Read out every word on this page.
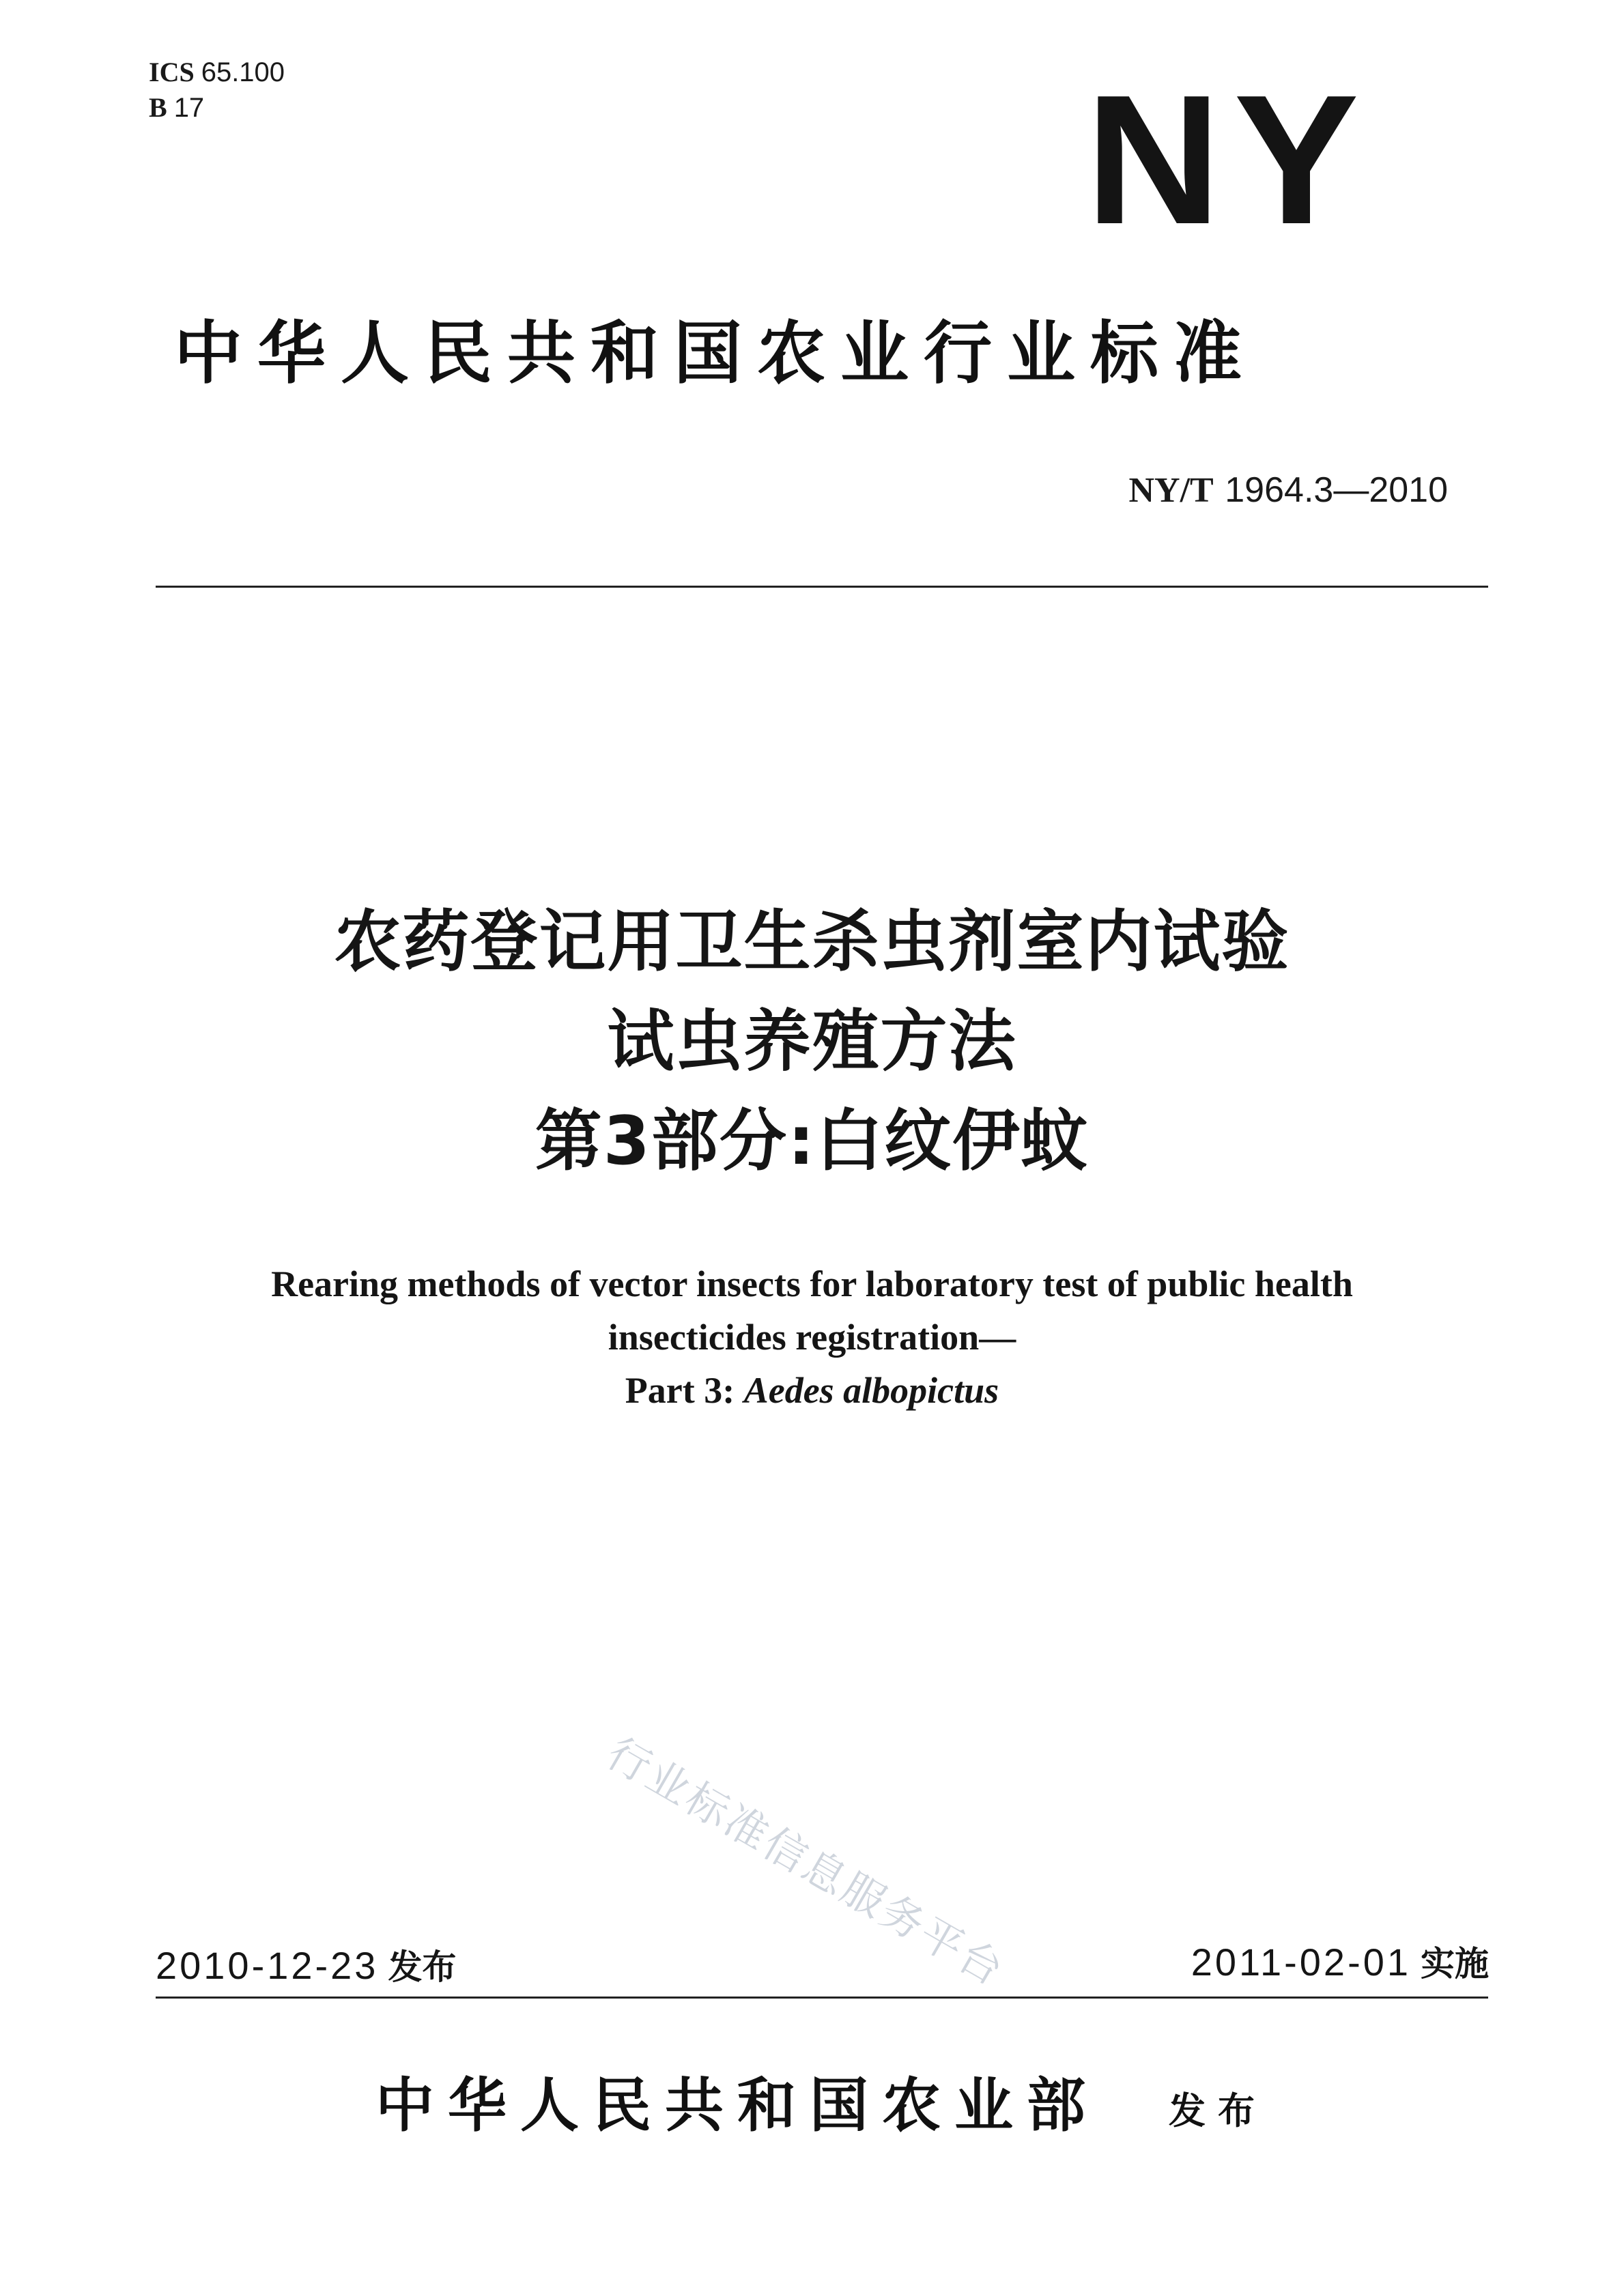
ICS 65.100
B 17	NY
中华人民共和国农业行业标准
NY/T 1964.3—2010
农药登记用卫生杀虫剂室内试验
试虫养殖方法
第3部分:白纹伊蚊
Rearing methods of vector insects for laboratory test of public health
insecticides registration—
Part 3: Aedes albopictus
行业标准信息服务平台
2010-12-23 发布	2011-02-01 实施
中华人民共和国农业部 发布
